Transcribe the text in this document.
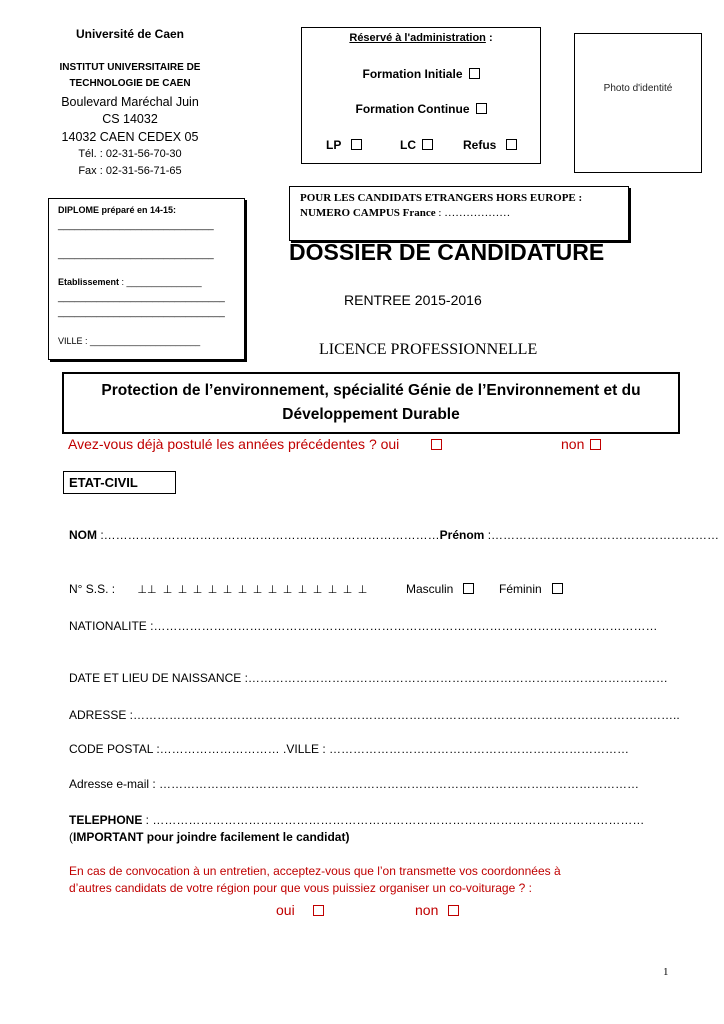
Université de Caen
INSTITUT UNIVERSITAIRE DE
TECHNOLOGIE DE CAEN
Boulevard Maréchal Juin
CS 14032
14032 CAEN CEDEX 05
Tél. : 02-31-56-70-30
Fax : 02-31-56-71-65
Réservé à l'administration :
Formation Initiale
Formation Continue
LP	LC	Refus
Photo d'identité
POUR LES CANDIDATS ETRANGERS HORS EUROPE :
NUMERO CAMPUS France : ………………
DIPLOME préparé en 14-15:
____________________________
____________________________
Etablissement : _______________
______________________________
______________________________
VILLE : ______________________
DOSSIER DE CANDIDATURE
RENTREE 2015-2016
LICENCE PROFESSIONNELLE
Protection de l’environnement, spécialité Génie de l’Environnement et du
Développement Durable
Avez-vous déjà postulé les années précédentes ? oui	non
ETAT-CIVIL
NOM :…………………………………………………………………………Prénom :…………………………………………………
N° S.S. : ⊥⊥ ⊥ ⊥ ⊥ ⊥ ⊥ ⊥ ⊥ ⊥ ⊥ ⊥ ⊥ ⊥ ⊥ ⊥	Masculin	Féminin
NATIONALITE :………………………………………………………………………………………………………………
DATE ET LIEU DE NAISSANCE :……………………………………………………………………………………………
ADRESSE :………………………………………………………………………………………………………………………..
CODE POSTAL :………………………… .VILLE : …………………………………………………………………
Adresse e-mail : …………………………………………………………………………………………………………
TELEPHONE : ……………………………………………………………………………………………………………
(IMPORTANT pour joindre facilement le candidat)
En cas de convocation à un entretien, acceptez-vous que l’on transmette vos coordonnées à
d’autres candidats de votre région pour que vous puissiez organiser un co-voiturage ? :
oui	non
1
